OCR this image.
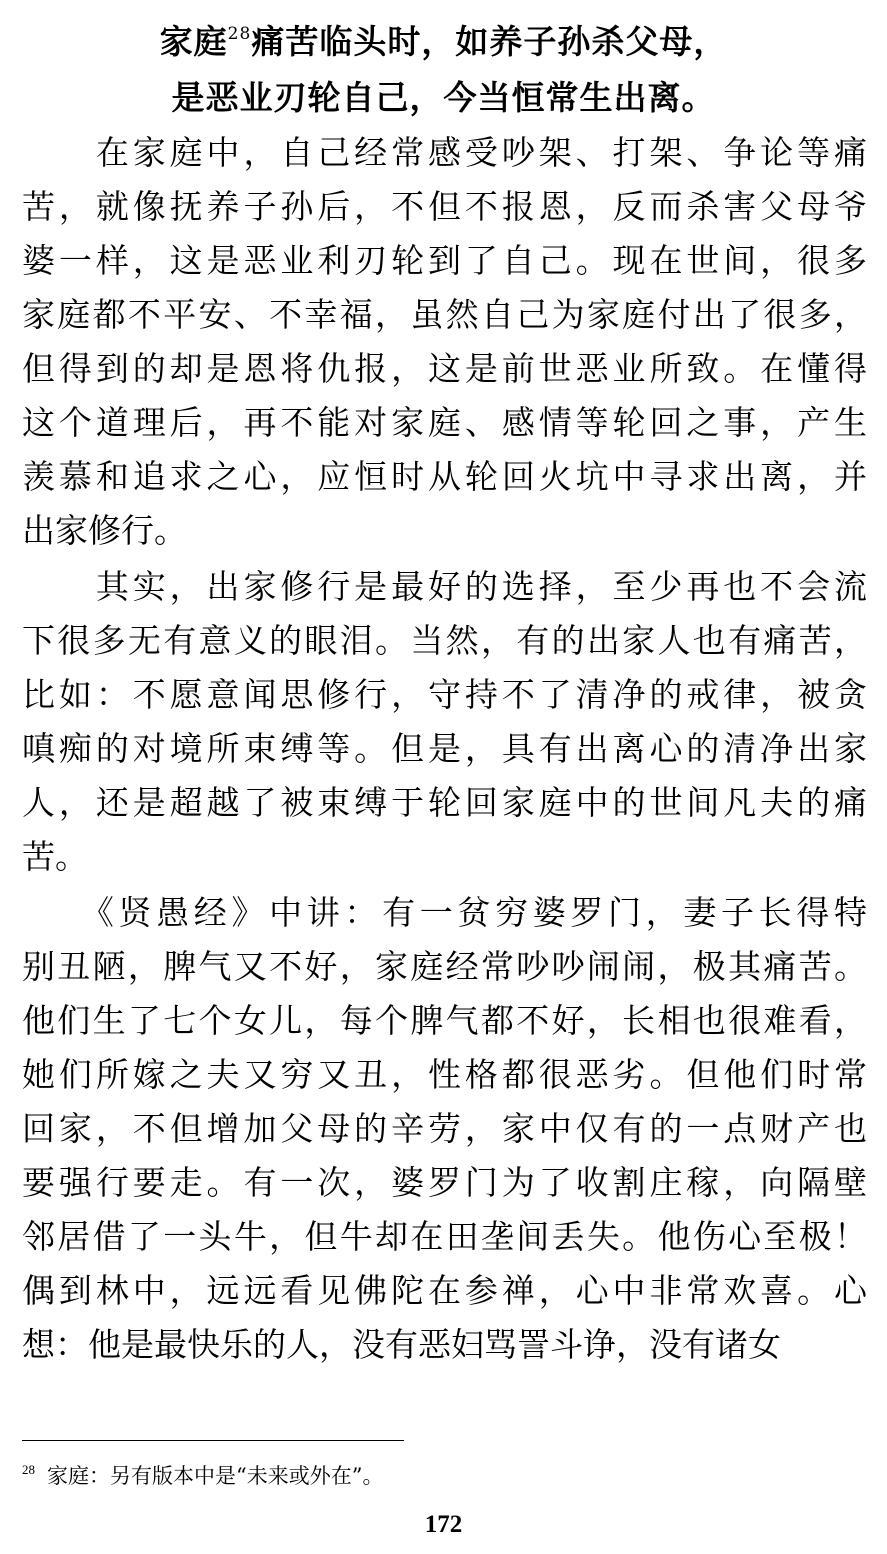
家庭$^{28}$痛苦临头时，如养子孙杀父母，
是恶业刃轮自己，今当恒常生出离。
　　在家庭中，自己经常感受吵架、打架、争论等痛
苦，就像抚养子孙后，不但不报恩，反而杀害父母爷
婆一样，这是恶业利刃轮到了自己。现在世间，很多
家庭都不平安、不幸福，虽然自己为家庭付出了很多，
但得到的却是恩将仇报，这是前世恶业所致。在懂得
这个道理后，再不能对家庭、感情等轮回之事，产生
羡慕和追求之心，应恒时从轮回火坑中寻求出离，并
出家修行。
　　其实，出家修行是最好的选择，至少再也不会流
下很多无有意义的眼泪。当然，有的出家人也有痛苦，
比如：不愿意闻思修行，守持不了清净的戒律，被贪
嗔痴的对境所束缚等。但是，具有出离心的清净出家
人，还是超越了被束缚于轮回家庭中的世间凡夫的痛
苦。
　　《贤愚经》中讲：有一贫穷婆罗门，妻子长得特
别丑陋，脾气又不好，家庭经常吵吵闹闹，极其痛苦。
他们生了七个女儿，每个脾气都不好，长相也很难看，
她们所嫁之夫又穷又丑，性格都很恶劣。但他们时常
回家，不但增加父母的辛劳，家中仅有的一点财产也
要强行要走。有一次，婆罗门为了收割庄稼，向隔壁
邻居借了一头牛，但牛却在田垄间丢失。他伤心至极！
偶到林中，远远看见佛陀在参禅，心中非常欢喜。心
想：他是最快乐的人，没有恶妇骂詈斗诤，没有诸女
$^{28}$ 家庭：另有版本中是“未来或外在”。
172
